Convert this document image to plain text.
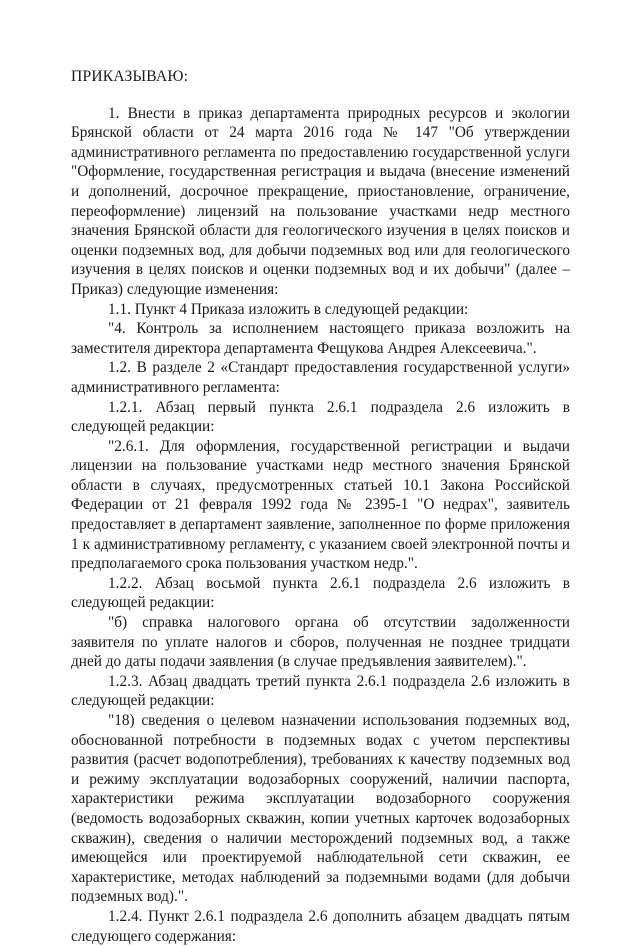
ПРИКАЗЫВАЮ:

1. Внести в приказ департамента природных ресурсов и экологии Брянской области от 24 марта 2016 года № 147 "Об утверждении административного регламента по предоставлению государственной услуги "Оформление, государственная регистрация и выдача (внесение изменений и дополнений, досрочное прекращение, приостановление, ограничение, переоформление) лицензий на пользование участками недр местного значения Брянской области для геологического изучения в целях поисков и оценки подземных вод, для добычи подземных вод или для геологического изучения в целях поисков и оценки подземных вод и их добычи" (далее – Приказ) следующие изменения:

1.1. Пункт 4 Приказа изложить в следующей редакции:

"4. Контроль за исполнением настоящего приказа возложить на заместителя директора департамента Фещукова Андрея Алексеевича.".

1.2. В разделе 2 «Стандарт предоставления государственной услуги» административного регламента:

1.2.1. Абзац первый пункта 2.6.1 подраздела 2.6 изложить в следующей редакции:

"2.6.1. Для оформления, государственной регистрации и выдачи лицензии на пользование участками недр местного значения Брянской области в случаях, предусмотренных статьей 10.1 Закона Российской Федерации от 21 февраля 1992 года № 2395-1 "О недрах", заявитель предоставляет в департамент заявление, заполненное по форме приложения 1 к административному регламенту, с указанием своей электронной почты и предполагаемого срока пользования участком недр.".

1.2.2. Абзац восьмой пункта 2.6.1 подраздела 2.6 изложить в следующей редакции:

"б) справка налогового органа об отсутствии задолженности заявителя по уплате налогов и сборов, полученная не позднее тридцати дней до даты подачи заявления (в случае предъявления заявителем).".

1.2.3. Абзац двадцать третий пункта 2.6.1 подраздела 2.6 изложить в следующей редакции:

"18) сведения о целевом назначении использования подземных вод, обоснованной потребности в подземных водах с учетом перспективы развития (расчет водопотребления), требованиях к качеству подземных вод и режиму эксплуатации водозаборных сооружений, наличии паспорта, характеристики режима эксплуатации водозаборного сооружения (ведомость водозаборных скважин, копии учетных карточек водозаборных скважин), сведения о наличии месторождений подземных вод, а также имеющейся или проектируемой наблюдательной сети скважин, ее характеристике, методах наблюдений за подземными водами (для добычи подземных вод).".

1.2.4. Пункт 2.6.1 подраздела 2.6 дополнить абзацем двадцать пятым следующего содержания:
